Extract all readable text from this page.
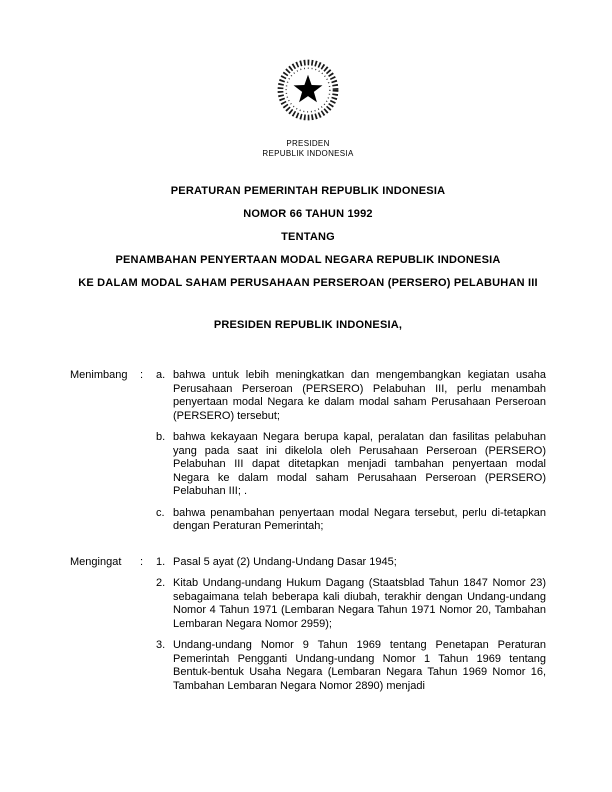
PRESIDEN
REPUBLIK INDONESIA
PERATURAN PEMERINTAH REPUBLIK INDONESIA
NOMOR 66 TAHUN 1992
TENTANG
PENAMBAHAN PENYERTAAN MODAL NEGARA REPUBLIK INDONESIA
KE DALAM MODAL SAHAM PERUSAHAAN PERSEROAN (PERSERO) PELABUHAN III
PRESIDEN REPUBLIK INDONESIA,
Menimbang	:	a. bahwa untuk lebih meningkatkan dan mengembangkan kegiatan usaha Perusahaan Perseroan (PERSERO) Pelabuhan III, perlu menambah penyertaan modal Negara ke dalam modal saham Perusahaan Perseroan (PERSERO) tersebut;
b. bahwa kekayaan Negara berupa kapal, peralatan dan fasilitas pelabuhan yang pada saat ini dikelola oleh Perusahaan Perseroan (PERSERO) Pelabuhan III dapat ditetapkan menjadi tambahan penyertaan modal Negara ke dalam modal saham Perusahaan Perseroan (PERSERO) Pelabuhan III; .
c. bahwa penambahan penyertaan modal Negara tersebut, perlu di-tetapkan dengan Peraturan Pemerintah;
Mengingat	:	1. Pasal 5 ayat (2) Undang-Undang Dasar 1945;
2. Kitab Undang-undang Hukum Dagang (Staatsblad Tahun 1847 Nomor 23) sebagaimana telah beberapa kali diubah, terakhir dengan Undang-undang Nomor 4 Tahun 1971 (Lembaran Negara Tahun 1971 Nomor 20, Tambahan Lembaran Negara Nomor 2959);
3. Undang-undang Nomor 9 Tahun 1969 tentang Penetapan Peraturan Pemerintah Pengganti Undang-undang Nomor 1 Tahun 1969 tentang Bentuk-bentuk Usaha Negara (Lembaran Negara Tahun 1969 Nomor 16, Tambahan Lembaran Negara Nomor 2890) menjadi
